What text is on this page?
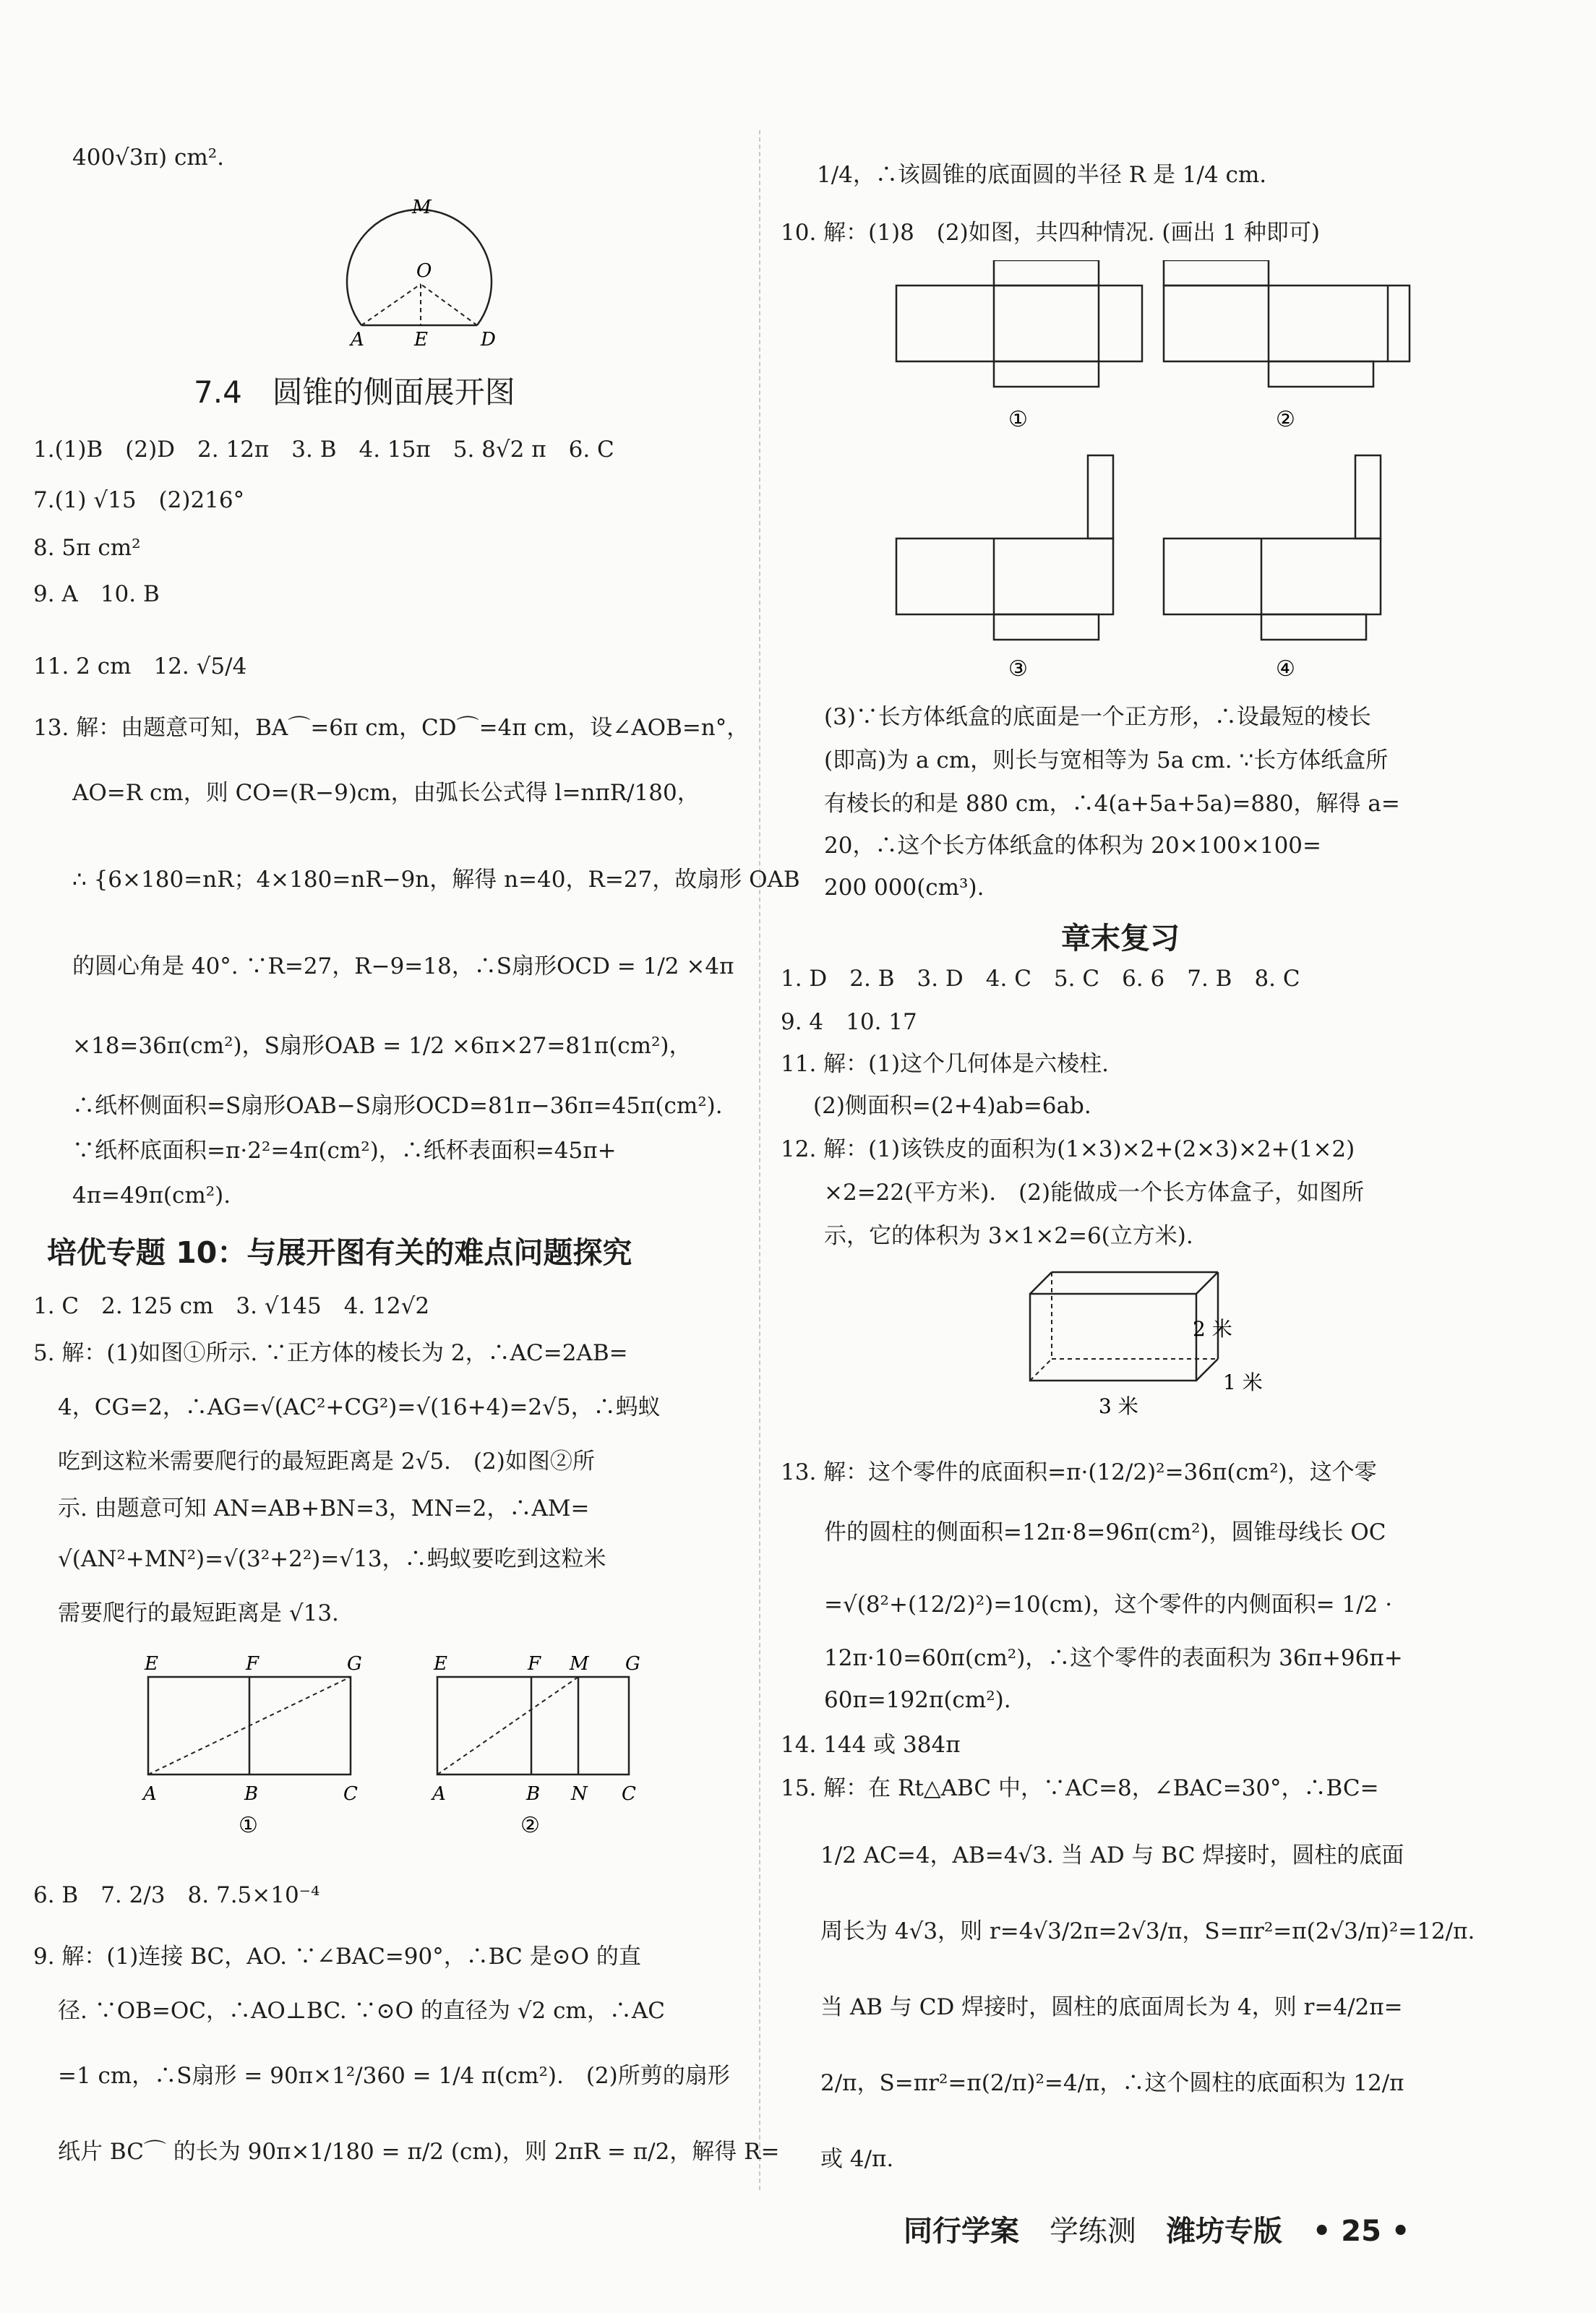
400√3π) cm².
M
O
A	E	D
7.4　圆锥的侧面展开图
1.(1)B　(2)D　2. 12π　3. B　4. 15π　5. 8√2 π　6. C
7.(1) √15　(2)216°
8. 5π cm²
9. A　10. B
11. 2 cm　12. √5/4
13. 解：由题意可知，BA⌒=6π cm，CD⌒=4π cm，设∠AOB=n°，
AO=R cm，则 CO=(R−9)cm，由弧长公式得 l=nπR/180，
∴ {6×180=nR；4×180=nR−9n，解得 n=40，R=27，故扇形 OAB
的圆心角是 40°. ∵R=27，R−9=18，∴S扇形OCD = 1/2 ×4π
×18=36π(cm²)，S扇形OAB = 1/2 ×6π×27=81π(cm²)，
∴纸杯侧面积=S扇形OAB−S扇形OCD=81π−36π=45π(cm²).
∵纸杯底面积=π·2²=4π(cm²)，∴纸杯表面积=45π+
4π=49π(cm²).
培优专题 10：与展开图有关的难点问题探究
1. C　2. 125 cm　3. √145　4. 12√2
5. 解：(1)如图①所示. ∵正方体的棱长为 2，∴AC=2AB=
4，CG=2，∴AG=√(AC²+CG²)=√(16+4)=2√5，∴蚂蚁
吃到这粒米需要爬行的最短距离是 2√5.　(2)如图②所
示. 由题意可知 AN=AB+BN=3，MN=2，∴AM=
√(AN²+MN²)=√(3²+2²)=√13，∴蚂蚁要吃到这粒米
需要爬行的最短距离是 √13.
E	F	G
A	B	C
①
E	F M G
A	B N C
②
6. B　7. 2/3　8. 7.5×10⁻⁴
9. 解：(1)连接 BC，AO. ∵∠BAC=90°，∴BC 是⊙O 的直
径. ∵OB=OC，∴AO⊥BC. ∵⊙O 的直径为 √2 cm，∴AC
=1 cm，∴S扇形 = 90π×1²/360 = 1/4 π(cm²).　(2)所剪的扇形
纸片 BC⌒ 的长为 90π×1/180 = π/2 (cm)，则 2πR = π/2，解得 R=
1/4，∴该圆锥的底面圆的半径 R 是 1/4 cm.
10. 解：(1)8　(2)如图，共四种情况. (画出 1 种即可)
①	②
③	④
(3)∵长方体纸盒的底面是一个正方形，∴设最短的棱长
(即高)为 a cm，则长与宽相等为 5a cm. ∵长方体纸盒所
有棱长的和是 880 cm，∴4(a+5a+5a)=880，解得 a=
20，∴这个长方体纸盒的体积为 20×100×100=
200 000(cm³).
章末复习
1. D　2. B　3. D　4. C　5. C　6. 6　7. B　8. C
9. 4　10. 17
11. 解：(1)这个几何体是六棱柱.
(2)侧面积=(2+4)ab=6ab.
12. 解：(1)该铁皮的面积为(1×3)×2+(2×3)×2+(1×2)
×2=22(平方米).　(2)能做成一个长方体盒子，如图所
示，它的体积为 3×1×2=6(立方米).
2 米
1 米
3 米
13. 解：这个零件的底面积=π·(12/2)²=36π(cm²)，这个零
件的圆柱的侧面积=12π·8=96π(cm²)，圆锥母线长 OC
=√(8²+(12/2)²)=10(cm)，这个零件的内侧面积= 1/2 ·
12π·10=60π(cm²)，∴这个零件的表面积为 36π+96π+
60π=192π(cm²).
14. 144 或 384π
15. 解：在 Rt△ABC 中，∵AC=8，∠BAC=30°，∴BC=
1/2 AC=4，AB=4√3. 当 AD 与 BC 焊接时，圆柱的底面
周长为 4√3，则 r=4√3/2π=2√3/π，S=πr²=π(2√3/π)²=12/π.
当 AB 与 CD 焊接时，圆柱的底面周长为 4，则 r=4/2π=
2/π，S=πr²=π(2/π)²=4/π，∴这个圆柱的底面积为 12/π
或 4/π.
同行学案 学练测 潍坊专版 • 25 •
